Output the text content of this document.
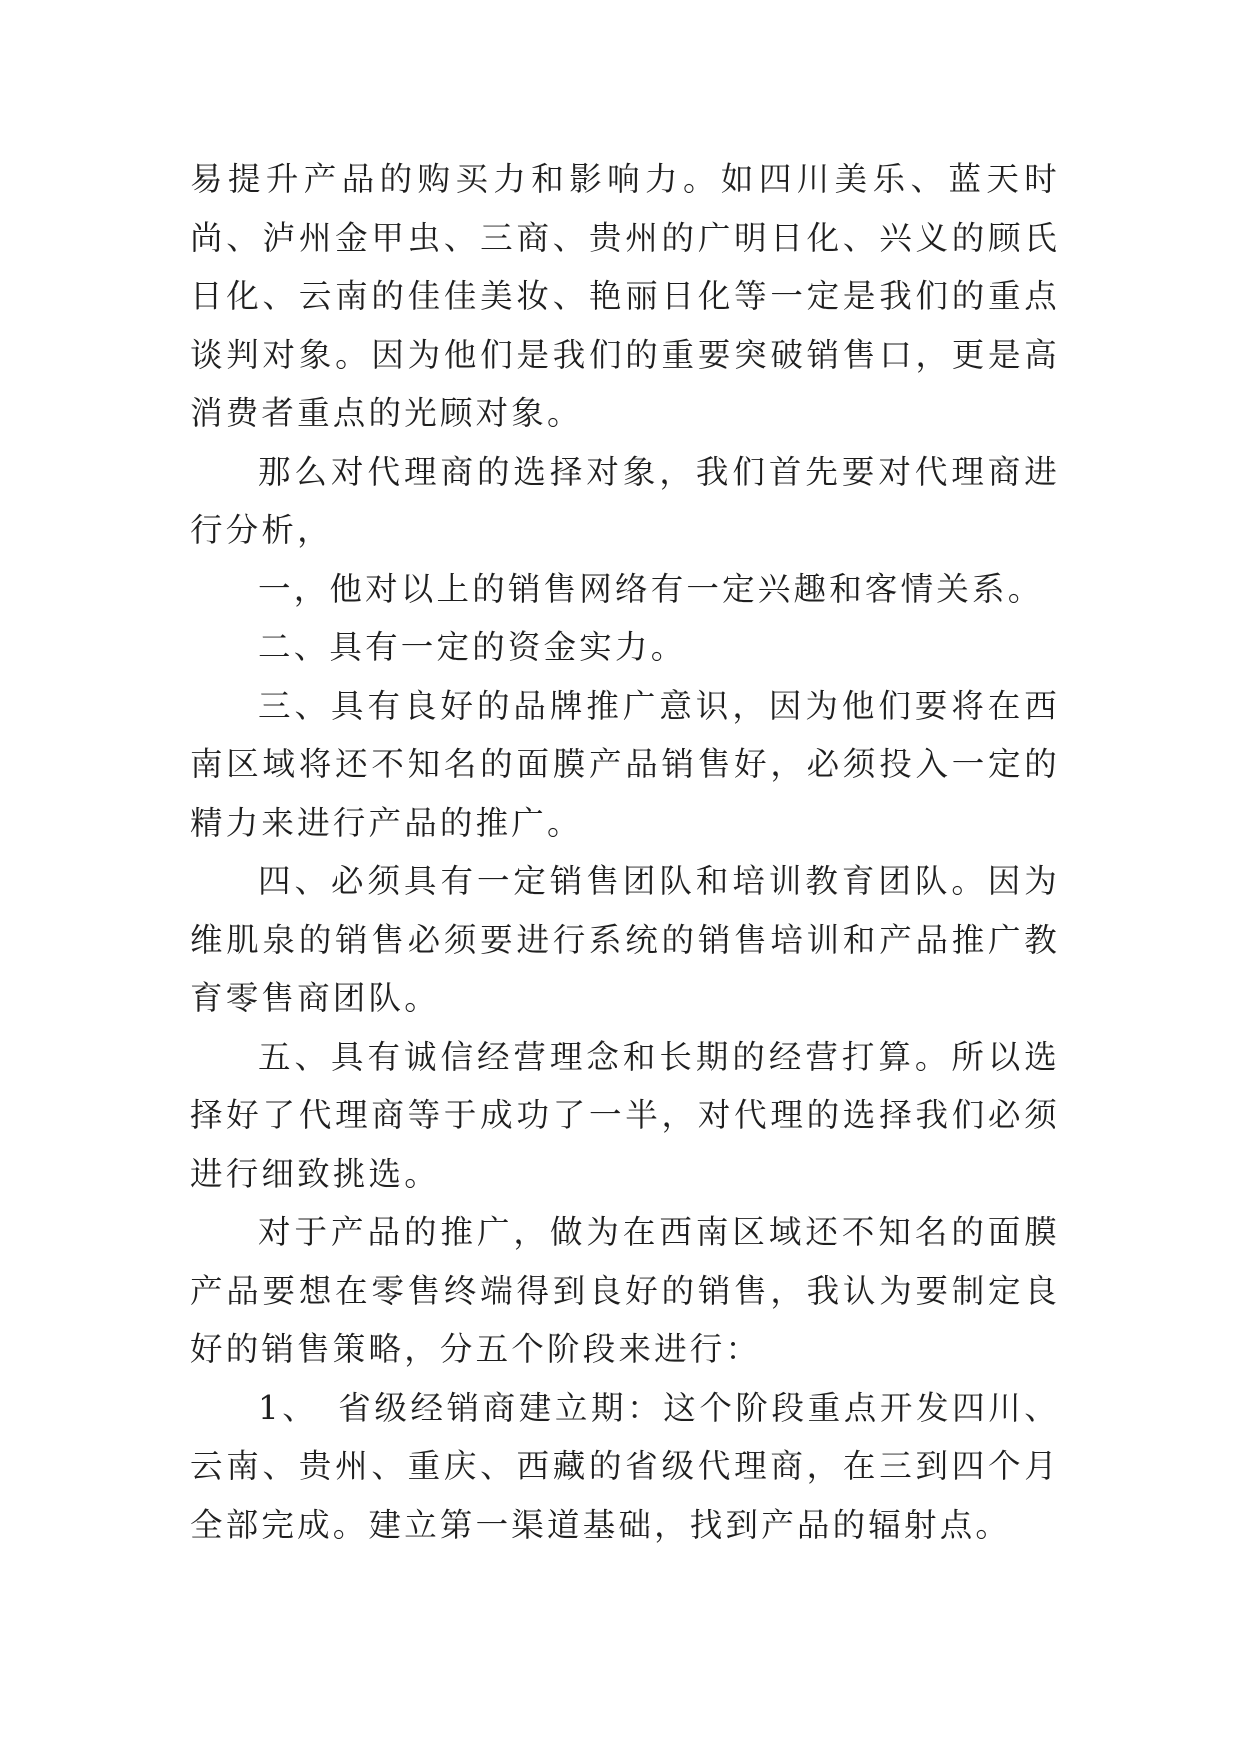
易提升产品的购买力和影响力。如四川美乐、蓝天时尚、泸州金甲虫、三商、贵州的广明日化、兴义的顾氏日化、云南的佳佳美妆、艳丽日化等一定是我们的重点谈判对象。因为他们是我们的重要突破销售口，更是高消费者重点的光顾对象。

那么对代理商的选择对象，我们首先要对代理商进行分析，

一，他对以上的销售网络有一定兴趣和客情关系。

二、具有一定的资金实力。

三、具有良好的品牌推广意识，因为他们要将在西南区域将还不知名的面膜产品销售好，必须投入一定的精力来进行产品的推广。

四、必须具有一定销售团队和培训教育团队。因为维肌泉的销售必须要进行系统的销售培训和产品推广教育零售商团队。

五、具有诚信经营理念和长期的经营打算。所以选择好了代理商等于成功了一半，对代理的选择我们必须进行细致挑选。

对于产品的推广，做为在西南区域还不知名的面膜产品要想在零售终端得到良好的销售，我认为要制定良好的销售策略，分五个阶段来进行：

1、　省级经销商建立期：这个阶段重点开发四川、云南、贵州、重庆、西藏的省级代理商，在三到四个月全部完成。建立第一渠道基础，找到产品的辐射点。
